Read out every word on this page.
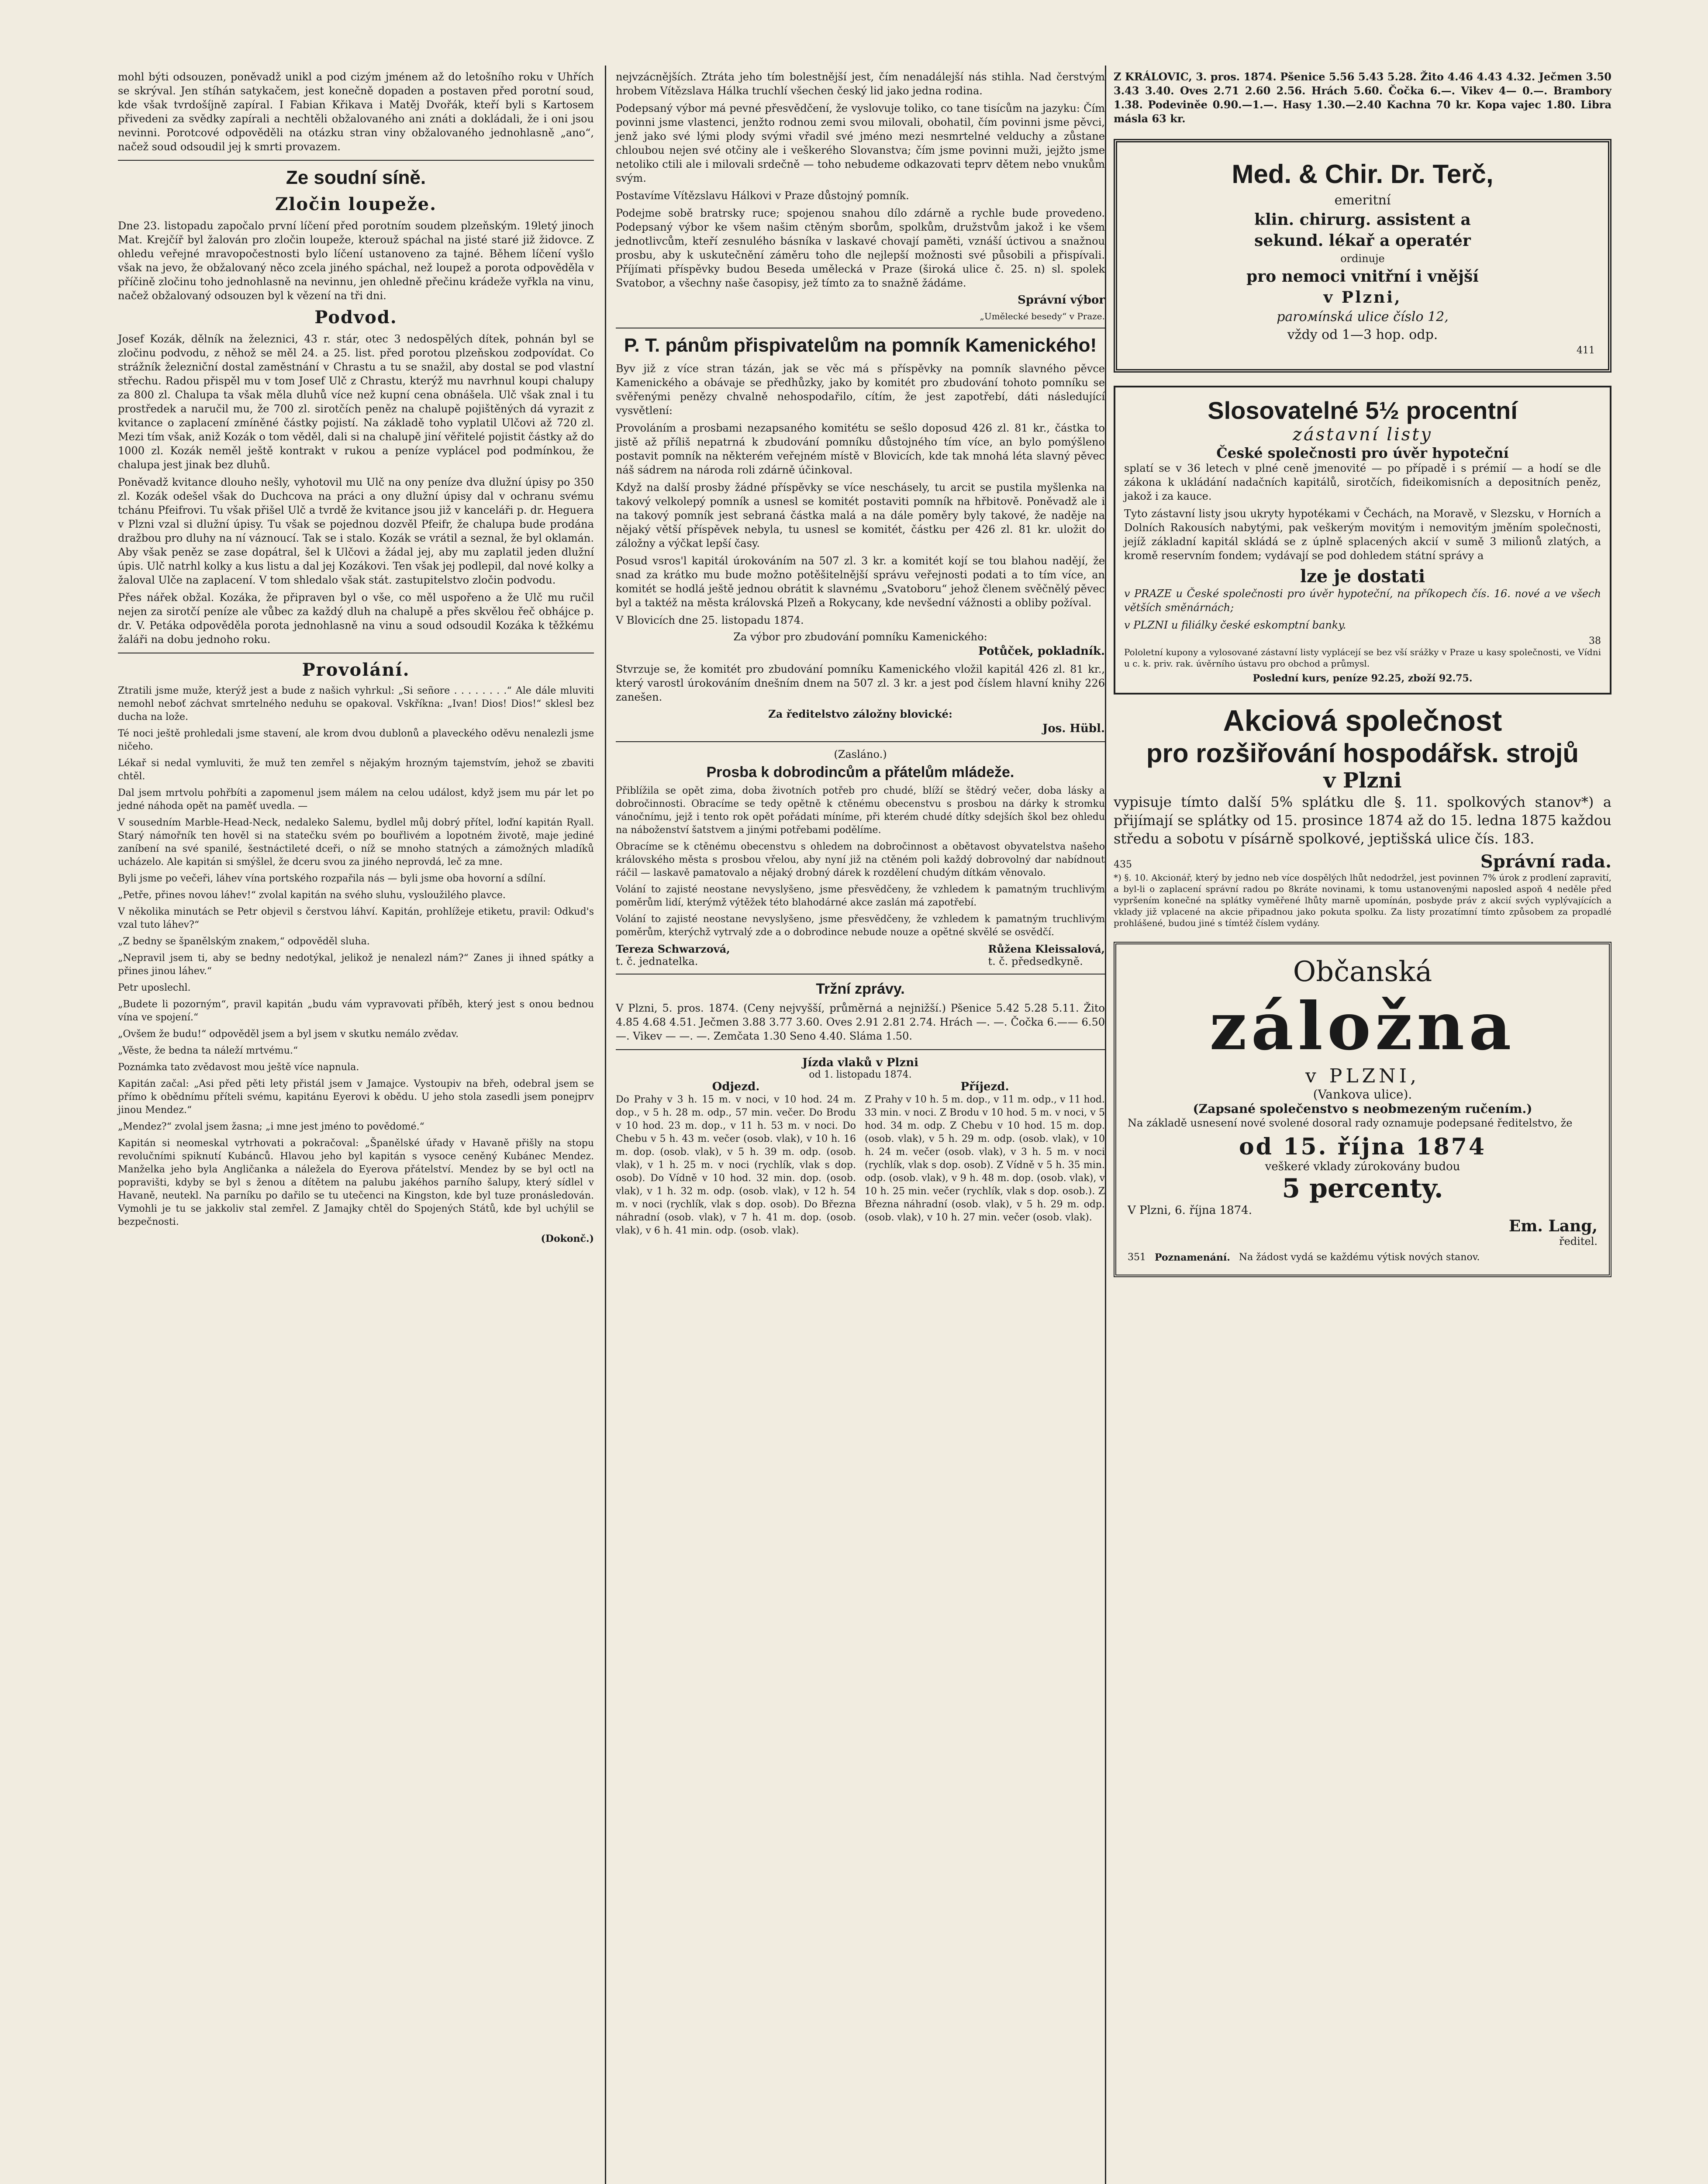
mohl býti odsouzen, poněvadž unikl a pod cizým jménem až do letošního roku v Uhřích se skrýval. Jen stíhán satykačem, jest konečně dopaden a postaven před porotní soud, kde však tvrdošíjně zapíral. I Fabian Křikava i Matěj Dvořák, kteří byli s Kartosem přivedeni za svědky zapírali a nechtěli obžalovaného ani znáti a dokládali, že i oni jsou nevinni. Porotcové odpověděli na otázku stran viny obžalovaného jednohlasně „ano“, načež soud odsoudil jej k smrti provazem.

Ze soudní síně.
Zločin loupeže.

Dne 23. listopadu započalo první líčení před porotním soudem plzeňským. 19letý jinoch Mat. Krejčíř byl žalován pro zločin loupeže, kterouž spáchal na jisté staré již židovce. Z ohledu veřejné mravopočestnosti bylo líčení ustanoveno za tajné. Během líčení vyšlo však na jevo, že obžalovaný něco zcela jiného spáchal, než loupež a porota odpověděla v příčině zločinu toho jednohlasně na nevinnu, jen ohledně přečinu krádeže vyřkla na vinu, načež obžalovaný odsouzen byl k vězení na tři dni.

Podvod.

Josef Kozák, dělník na železnici, 43 r. stár, otec 3 nedospělých dítek, pohnán byl se zločinu podvodu, z něhož se měl 24. a 25. list. před porotou plzeňskou zodpovídat. Co strážník železniční dostal zaměstnání v Chrastu a tu se snažil, aby dostal se pod vlastní střechu. Radou přispěl mu v tom Josef Ulč z Chrastu, kterýž mu navrhnul koupi chalupy za 800 zl. Chalupa ta však měla dluhů více než kupní cena obnášela. Ulč však znal i tu prostředek a naručil mu, že 700 zl. sirotčích peněz na chalupě pojištěných dá vyrazit z kvitance o zaplacení zmíněné částky pojistí. Na základě toho vyplatil Ulčovi až 720 zl. Mezi tím však, aniž Kozák o tom věděl, dali si na chalupě jiní věřitelé pojistit částky až do 1000 zl. Kozák neměl ještě kontrakt v rukou a peníze vyplácel pod podmínkou, že chalupa jest jinak bez dluhů.

Poněvadž kvitance dlouho nešly, vyhotovil mu Ulč na ony peníze dva dlužní úpisy po 350 zl. Kozák odešel však do Duchcova na práci a ony dlužní úpisy dal v ochranu svému tchánu Pfeifrovi. Tu však přišel Ulč a tvrdě že kvitance jsou již v kanceláři p. dr. Heguera v Plzni vzal si dlužní úpisy. Tu však se pojednou dozvěl Pfeifr, že chalupa bude prodána dražbou pro dluhy na ní váznoucí. Tak se i stalo. Kozák se vrátil a seznal, že byl oklamán. Aby však peněz se zase dopátral, šel k Ulčovi a žádal jej, aby mu zaplatil jeden dlužní úpis. Ulč natrhl kolky a kus listu a dal jej Kozákovi. Ten však jej podlepil, dal nové kolky a žaloval Ulče na zaplacení. V tom shledalo však stát. zastupitelstvo zločin podvodu.

Přes nářek obžal. Kozáka, že připraven byl o vše, co měl uspořeno a že Ulč mu ručil nejen za sirotčí peníze ale vůbec za každý dluh na chalupě a přes skvělou řeč obhájce p. dr. V. Petáka odpověděla porota jednohlasně na vinu a soud odsoudil Kozáka k těžkému žaláři na dobu jednoho roku.

Provolání.

Ztratili jsme muže, kterýž jest a bude z našich vyhrkul: „Si señore . . . . . . . .“ Ale dále mluviti nemohl neboť záchvat smrtelného neduhu se opakoval. Vskříkna: „Ivan! Dios! Dios!“ sklesl bez ducha na lože.

Té noci ještě prohledali jsme stavení, ale krom dvou dublonů a plaveckého oděvu nenalezli jsme ničeho.

Lékař si nedal vymluviti, že muž ten zemřel s nějakým hrozným tajemstvím, jehož se zbaviti chtěl.

Dal jsem mrtvolu pohřbíti a zapomenul jsem málem na celou událost, když jsem mu pár let po jedné náhoda opět na paměť uvedla. —

V sousedním Marble-Head-Neck, nedaleko Salemu, bydlel můj dobrý přítel, loďní kapitán Ryall. Starý námořník ten hověl si na statečku svém po bouřlivém a lopotném životě, maje jediné zaníbení na své spanilé, šestnáctileté dceři, o níž se mnoho statných a zámožných mladíků ucházelo. Ale kapitán si smýšlel, že dceru svou za jiného neprovdá, leč za mne.

Byli jsme po večeři, láhev vína portského rozpařila nás — byli jsme oba hovorní a sdílní.

„Petře, přines novou láhev!“ zvolal kapitán na svého sluhu, vysloužilého plavce.

V několika minutách se Petr objevil s čerstvou láhví. Kapitán, prohlížeje etiketu, pravil: Odkud's vzal tuto láhev?“

„Z bedny se španělským znakem,“ odpověděl sluha.

„Nepravil jsem ti, aby se bedny nedotýkal, jelikož je nenalezl nám?“ Zanes ji ihned spátky a přines jinou láhev.“

Petr uposlechl.

„Budete li pozorným“, pravil kapitán „budu vám vypravovati příběh, který jest s onou bednou vína ve spojení.“

„Ovšem že budu!“ odpověděl jsem a byl jsem v skutku nemálo zvědav.

„Věste, že bedna ta náleží mrtvému.“

Poznámka tato zvědavost mou ještě více napnula.

Kapitán začal: „Asi před pěti lety přistál jsem v Jamajce. Vystoupiv na břeh, odebral jsem se přímo k obědnímu příteli svému, kapitánu Eyerovi k obědu. U jeho stola zasedli jsem ponejprv jinou Mendez.“

„Mendez?“ zvolal jsem žasna; „i mne jest jméno to povědomé.“

Kapitán si neomeskal vytrhovati a pokračoval: „Španělské úřady v Havaně přišly na stopu revolučními spiknutí Kubánců. Hlavou jeho byl kapitán s vysoce ceněný Kubánec Mendez. Manželka jeho byla Angličanka a náležela do Eyerova přátelství. Mendez by se byl octl na popravišti, kdyby se byl s ženou a dítětem na palubu jakéhos parního šalupy, který sídlel v Havaně, neutekl. Na parníku po dařilo se tu utečenci na Kingston, kde byl tuze pronásledován. Vymohli je tu se jakkoliv stal zemřel. Z Jamajky chtěl do Spojených Států, kde byl uchýlil se bezpečnosti.

(Dokonč.)

nejvzácnějších. Ztráta jeho tím bolestnější jest, čím nenadálejší nás stihla. Nad čerstvým hrobem Vítězslava Hálka truchlí všechen český lid jako jedna rodina.

Podepsaný výbor má pevné přesvědčení, že vyslovuje toliko, co tane tisícům na jazyku: Čím povinni jsme vlastenci, jenžto rodnou zemi svou milovali, obohatil, čím povinni jsme pěvci, jenž jako své lými plody svými vřadil své jméno mezi nesmrtelné velduchy a zůstane chloubou nejen své otčiny ale i veškerého Slovanstva; čím jsme povinni muži, jejžto jsme netoliko ctili ale i milovali srdečně — toho nebudeme odkazovati teprv dětem nebo vnukům svým.

Postavíme Vítězslavu Hálkovi v Praze důstojný pomník.

Podejme sobě bratrsky ruce; spojenou snahou dílo zdárně a rychle bude provedeno. Podepsaný výbor ke všem našim ctěným sborům, spolkům, družstvům jakož i ke všem jednotlivcům, kteří zesnulého básníka v laskavé chovají paměti, vznáší úctivou a snažnou prosbu, aby k uskutečnění záměru toho dle nejlepší možnosti své působili a přispívali. Příjímati příspěvky budou Beseda umělecká v Praze (široká ulice č. 25. n) sl. spolek Svatobor, a všechny naše časopisy, jež tímto za to snažně žádáme.

Správní výbor
„Umělecké besedy“ v Praze.
P. T. pánům přispivatelům na pomník Kamenického!

Byv již z více stran tázán, jak se věc má s příspěvky na pomník slavného pěvce Kamenického a obávaje se předhůzky, jako by komitét pro zbudování tohoto pomníku se svěřenými penězy chvalně nehospodařilo, cítím, že jest zapotřebí, dáti následující vysvětlení:

Provoláním a prosbami nezapsaného komitétu se sešlo doposud 426 zl. 81 kr., částka to jistě až příliš nepatrná k zbudování pomníku důstojného tím více, an bylo pomýšleno postavit pomník na některém veřejném místě v Blovicích, kde tak mnohá léta slavný pěvec náš sádrem na národa roli zdárně účinkoval.

Když na další prosby žádné příspěvky se více neschásely, tu arcit se pustila myšlenka na takový velkolepý pomník a usnesl se komitét postaviti pomník na hřbitově. Poněvadž ale i na takový pomník jest sebraná částka malá a na dále poměry byly takové, že naděje na nějaký větší příspěvek nebyla, tu usnesl se komitét, částku per 426 zl. 81 kr. uložit do záložny a výčkat lepší časy.

Posud vsros'l kapitál úrokováním na 507 zl. 3 kr. a komitét kojí se tou blahou nadějí, že snad za krátko mu bude možno potěšitelnější správu veřejnosti podati a to tím více, an komitét se hodlá ještě jednou obrátit k slavnému „Svatoboru“ jehož členem svěčnělý pěvec byl a taktéž na města královská Plzeň a Rokycany, kde nevšední vážnosti a obliby požíval.

V Blovicích dne 25. listopadu 1874.

Za výbor pro zbudování pomníku Kamenického:
Potůček, pokladník.

Stvrzuje se, že komitét pro zbudování pomníku Kamenického vložil kapitál 426 zl. 81 kr., který varostl úrokováním dnešním dnem na 507 zl. 3 kr. a jest pod číslem hlavní knihy 226 zanešen.

Za ředitelstvo záložny blovické:
Jos. Hübl.
(Zasláno.)
Prosba k dobrodincům a přátelům mládeže.

Přiblížila se opět zima, doba životních potřeb pro chudé, blíží se štědrý večer, doba lásky a dobročinnosti. Obracíme se tedy opětně k ctěnému obecenstvu s prosbou na dárky k stromku vánočnímu, jejž i tento rok opět pořádati míníme, při kterém chudé dítky sdejších škol bez ohledu na náboženství šatstvem a jinými potřebami podělíme.

Obracíme se k ctěnému obecenstvu s ohledem na dobročinnost a obětavost obyvatelstva našeho královského města s prosbou vřelou, aby nyní již na ctěném poli každý dobrovolný dar nabídnout ráčil — laskavě pamatovalo a nějaký drobný dárek k rozdělení chudým dítkám věnovalo.

Volání to zajisté neostane nevyslyšeno, jsme přesvědčeny, že vzhledem k pamatným truchlivým poměrům lidí, kterýmž výtěžek této blahodárné akce zaslán má zapotřebí.

Volání to zajisté neostane nevyslyšeno, jsme přesvědčeny, že vzhledem k pamatným truchlivým poměrům, kterýchž vytrvalý zde a o dobrodince nebude nouze a opětné skvělé se osvědčí.

Tereza Schwarzová,
t. č. jednatelka.
Růžena Kleissalová,
t. č. předsedkyně.
Tržní zprávy.

V Plzni, 5. pros. 1874. (Ceny nejvyšší, průměrná a nejnižší.) Pšenice 5.42 5.28 5.11. Žito 4.85 4.68 4.51. Ječmen 3.88 3.77 3.60. Oves 2.91 2.81 2.74. Hrách —. —. Čočka 6.—— 6.50 —. Vikev — —. —. Zemčata 1.30 Seno 4.40. Sláma 1.50.

Jízda vlaků v Plzni
od 1. listopadu 1874.
Odjezd.

Do Prahy v 3 h. 15 m. v noci, v 10 hod. 24 m. dop., v 5 h. 28 m. odp., 57 min. večer. Do Brodu v 10 hod. 23 m. dop., v 11 h. 53 m. v noci. Do Chebu v 5 h. 43 m. večer (osob. vlak), v 10 h. 16 m. dop. (osob. vlak), v 5 h. 39 m. odp. (osob. vlak), v 1 h. 25 m. v noci (rychlík, vlak s dop. osob). Do Vídně v 10 hod. 32 min. dop. (osob. vlak), v 1 h. 32 m. odp. (osob. vlak), v 12 h. 54 m. v noci (rychlík, vlak s dop. osob). Do Března náhradní (osob. vlak), v 7 h. 41 m. dop. (osob. vlak), v 6 h. 41 min. odp. (osob. vlak).

Příjezd.

Z Prahy v 10 h. 5 m. dop., v 11 m. odp., v 11 hod. 33 min. v noci. Z Brodu v 10 hod. 5 m. v noci, v 5 hod. 34 m. odp. Z Chebu v 10 hod. 15 m. dop. (osob. vlak), v 5 h. 29 m. odp. (osob. vlak), v 10 h. 24 m. večer (osob. vlak), v 3 h. 5 m. v noci (rychlík, vlak s dop. osob). Z Vídně v 5 h. 35 min. odp. (osob. vlak), v 9 h. 48 m. dop. (osob. vlak), v 10 h. 25 min. večer (rychlík, vlak s dop. osob.). Z Března náhradní (osob. vlak), v 5 h. 29 m. odp. (osob. vlak), v 10 h. 27 min. večer (osob. vlak).

Z KRÁLOVIC, 3. pros. 1874. Pšenice 5.56 5.43 5.28. Žito 4.46 4.43 4.32. Ječmen 3.50 3.43 3.40. Oves 2.71 2.60 2.56. Hrách 5.60. Čočka 6.—. Vikev 4— 0.—. Brambory 1.38. Podeviněe 0.90.—1.—. Hasy 1.30.—2.40 Kachna 70 kr. Kopa vajec 1.80. Libra másla 63 kr.

Med. & Chir. Dr. Terč,
emeritní
klin. chirurg. assistent a
sekund. lékař a operatér
ordinuje
pro nemoci vnitřní i vnější
v Plzni,
parомínská ulice číslo 12,
vždy od 1—3 hop. odp.
411
Slosovatelné 5½ procentní
zástavní listy
České společnosti pro úvěr hypoteční

splatí se v 36 letech v plné ceně jmenovité — po případě i s prémií — a hodí se dle zákona k ukládání nadačních kapitálů, sirotčích, fideikomisních a depositních peněz, jakož i za kauce.

Tyto zástavní listy jsou ukryty hypotékami v Čechách, na Moravě, v Slezsku, v Horních a Dolních Rakousích nabytými, pak veškerým movitým i nemovitým jměním společnosti, jejíž základní kapitál skládá se z úplně splacených akcií v sumě 3 milionů zlatých, a kromě reservním fondem; vydávají se pod dohledem státní správy a

lze je dostati

v PRAZE u České společnosti pro úvěr hypoteční, na příkopech čís. 16. nové a ve všech větších směnárnách;

v PLZNI u filiálky české eskomptní banky.

38

Pololetní kupony a vylosované zástavní listy vyplácejí se bez vší srážky v Praze u kasy společnosti, ve Vídni u c. k. priv. rak. úvěrního ústavu pro obchod a průmysl.

Poslední kurs, peníze 92.25, zboží 92.75.
Akciová společnost
pro rozšiřování hospodářsk. strojů
v Plzni

vypisuje tímto další 5% splátku dle §. 11. spolkových stanov*) a přijímají se splátky od 15. prosince 1874 až do 15. ledna 1875 každou středu a sobotu v písárně spolkové, jeptišská ulice čís. 183.

435	Správní rada.

*) §. 10. Akcionář, který by jedno neb více dospělých lhůt nedodržel, jest povinnen 7% úrok z prodlení zapravití, a byl-li o zaplacení správní radou po 8kráte novinami, k tomu ustanovenými naposled aspoň 4 neděle před vypršením konečné na splátky vyměřené lhůty marně upomínán, posbyde práv z akcií svých vyplývajících a vklady již vplacené na akcie připadnou jako pokuta spolku. Za listy prozatímní tímto způsobem za propadlé prohlášené, budou jiné s tímtéž číslem vydány.

Občanská
záložna
v PLZNI,
(Vankova ulice).
(Zapsané společenstvo s neobmezeným ručením.)

Na základě usnesení nové svolené dosoral rady oznamuje podepsané ředitelstvo, že

od 15. října 1874
veškeré vklady zúrokovány budou
5 percenty.
V Plzni, 6. října 1874.
Em. Lang,
ředitel.
351 Poznamenání. Na žádost vydá se každému výtisk nových stanov.
